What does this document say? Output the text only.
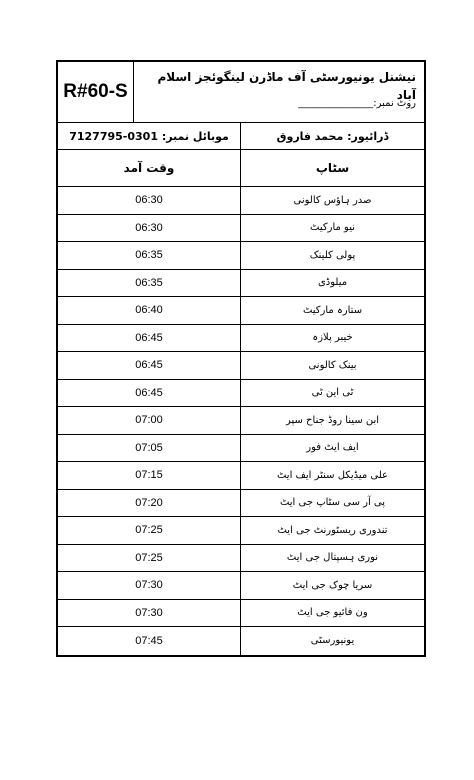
R#60-S
نیشنل یونیورسٹی آف ماڈرن لینگوئجز اسلام آباد
روٹ نمبر:_______________
موبائل نمبر: 0301-7127795	ڈرائیور: محمد فاروق
وقت آمد	سٹاپ
06:30	صدر ہاؤس کالونی
06:30	نیو مارکیٹ
06:35	پولی کلینک
06:35	میلوڈی
06:40	ستارہ مارکیٹ
06:45	خیبر پلازہ
06:45	بینک کالونی
06:45	ٹی این ٹی
07:00	ابن سینا روڈ جناح سپر
07:05	ایف ایٹ فور
07:15	علی میڈیکل سنٹر ایف ایٹ
07:20	پی آر سی سٹاپ جی ایٹ
07:25	تندوری ریسٹورنٹ جی ایٹ
07:25	نوری ہسپتال جی ایٹ
07:30	سریا چوک جی ایٹ
07:30	ون فائیو جی ایٹ
07:45	یونیورسٹی
